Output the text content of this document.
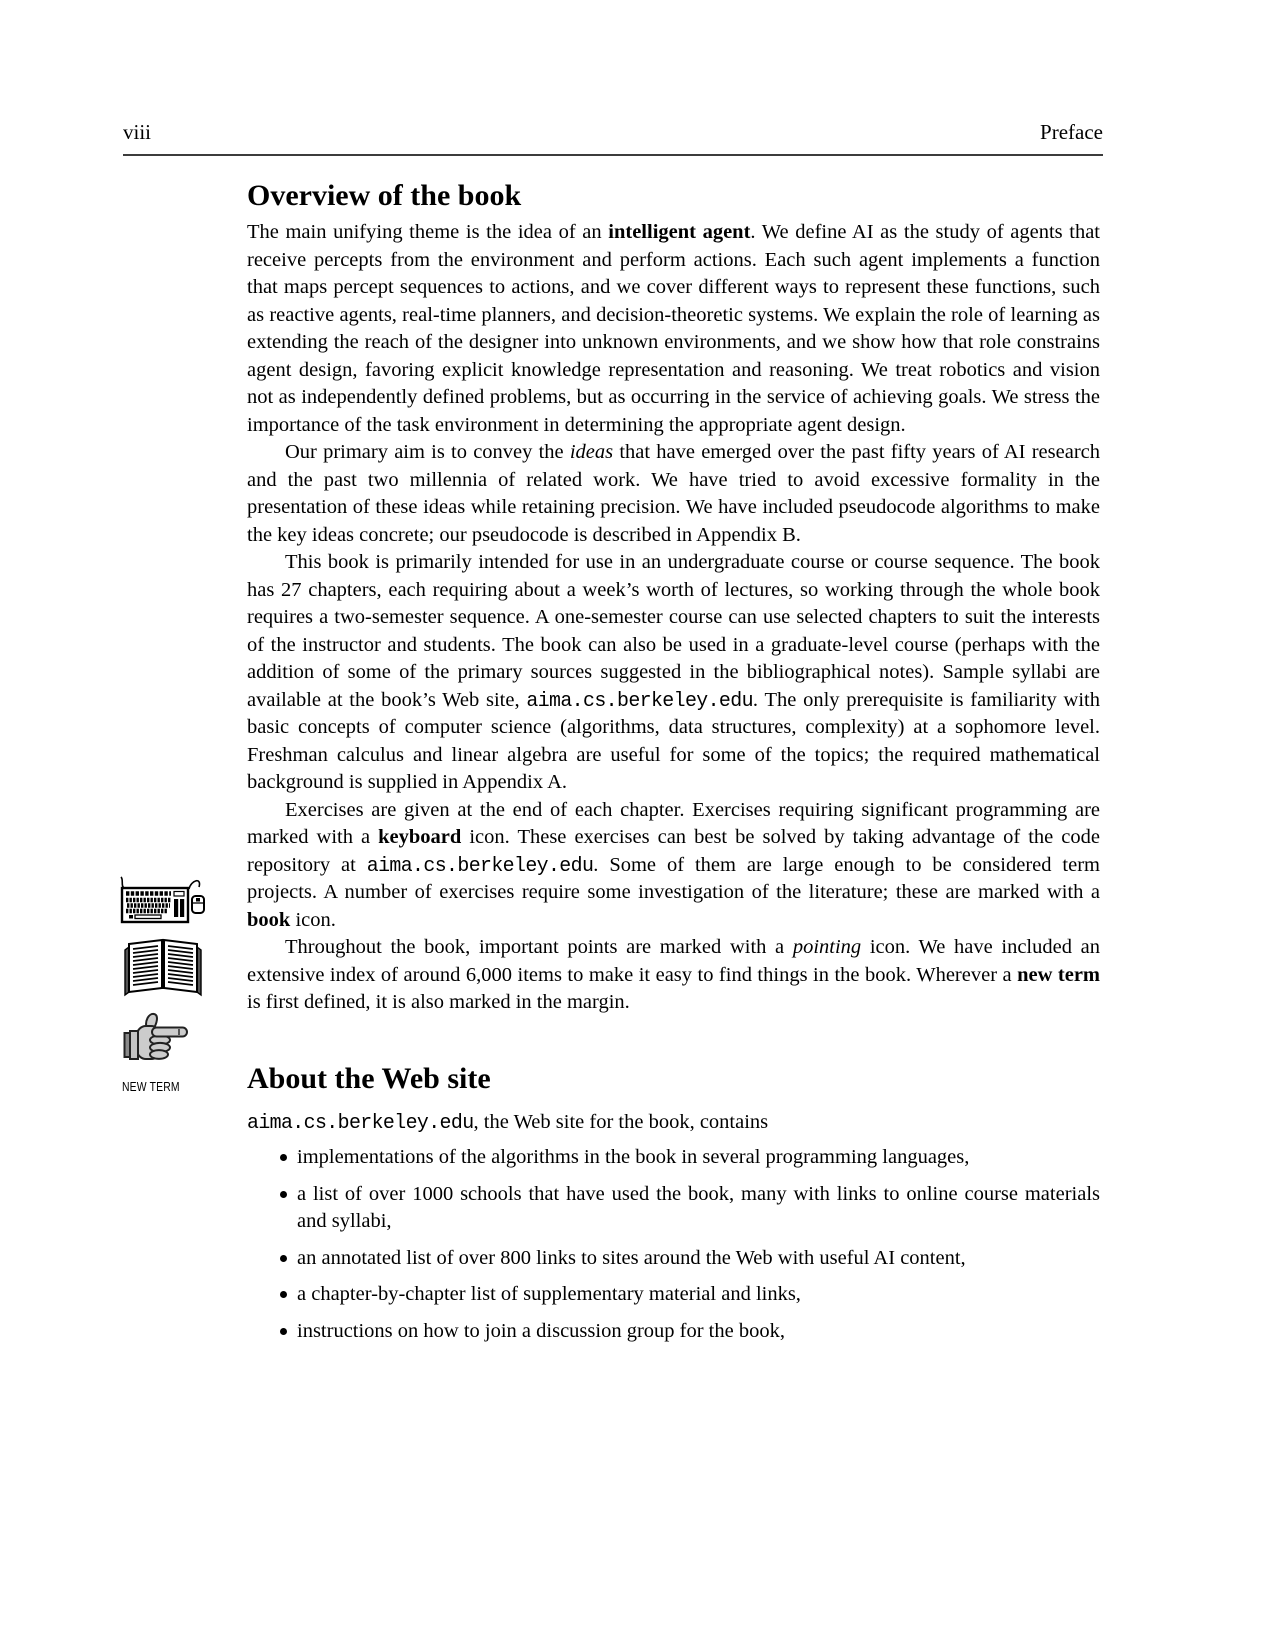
viii	Preface
NEW TERM
Overview of the book

The main unifying theme is the idea of an intelligent agent. We define AI as the study of agents that receive percepts from the environment and perform actions. Each such agent implements a function that maps percept sequences to actions, and we cover different ways to represent these functions, such as reactive agents, real-time planners, and decision-theoretic systems. We explain the role of learning as extending the reach of the designer into unknown environments, and we show how that role constrains agent design, favoring explicit knowledge representation and reasoning. We treat robotics and vision not as independently defined problems, but as occurring in the service of achieving goals. We stress the importance of the task environment in determining the appropriate agent design.

Our primary aim is to convey the ideas that have emerged over the past fifty years of AI research and the past two millennia of related work. We have tried to avoid excessive formality in the presentation of these ideas while retaining precision. We have included pseudocode algorithms to make the key ideas concrete; our pseudocode is described in Appendix B.

This book is primarily intended for use in an undergraduate course or course sequence. The book has 27 chapters, each requiring about a week’s worth of lectures, so working through the whole book requires a two-semester sequence. A one-semester course can use selected chapters to suit the interests of the instructor and students. The book can also be used in a graduate-level course (perhaps with the addition of some of the primary sources suggested in the bibliographical notes). Sample syllabi are available at the book’s Web site, aima.cs.berkeley.edu. The only prerequisite is familiarity with basic concepts of computer science (algorithms, data structures, complexity) at a sophomore level. Freshman calculus and linear algebra are useful for some of the topics; the required mathematical background is supplied in Appendix A.

Exercises are given at the end of each chapter. Exercises requiring significant programming are marked with a keyboard icon. These exercises can best be solved by taking advantage of the code repository at aima.cs.berkeley.edu. Some of them are large enough to be considered term projects. A number of exercises require some investigation of the literature; these are marked with a book icon.

Throughout the book, important points are marked with a pointing icon. We have included an extensive index of around 6,000 items to make it easy to find things in the book. Wherever a new term is first defined, it is also marked in the margin.

About the Web site

aima.cs.berkeley.edu, the Web site for the book, contains

implementations of the algorithms in the book in several programming languages,
a list of over 1000 schools that have used the book, many with links to online course materials and syllabi,
an annotated list of over 800 links to sites around the Web with useful AI content,
a chapter-by-chapter list of supplementary material and links,
instructions on how to join a discussion group for the book,
